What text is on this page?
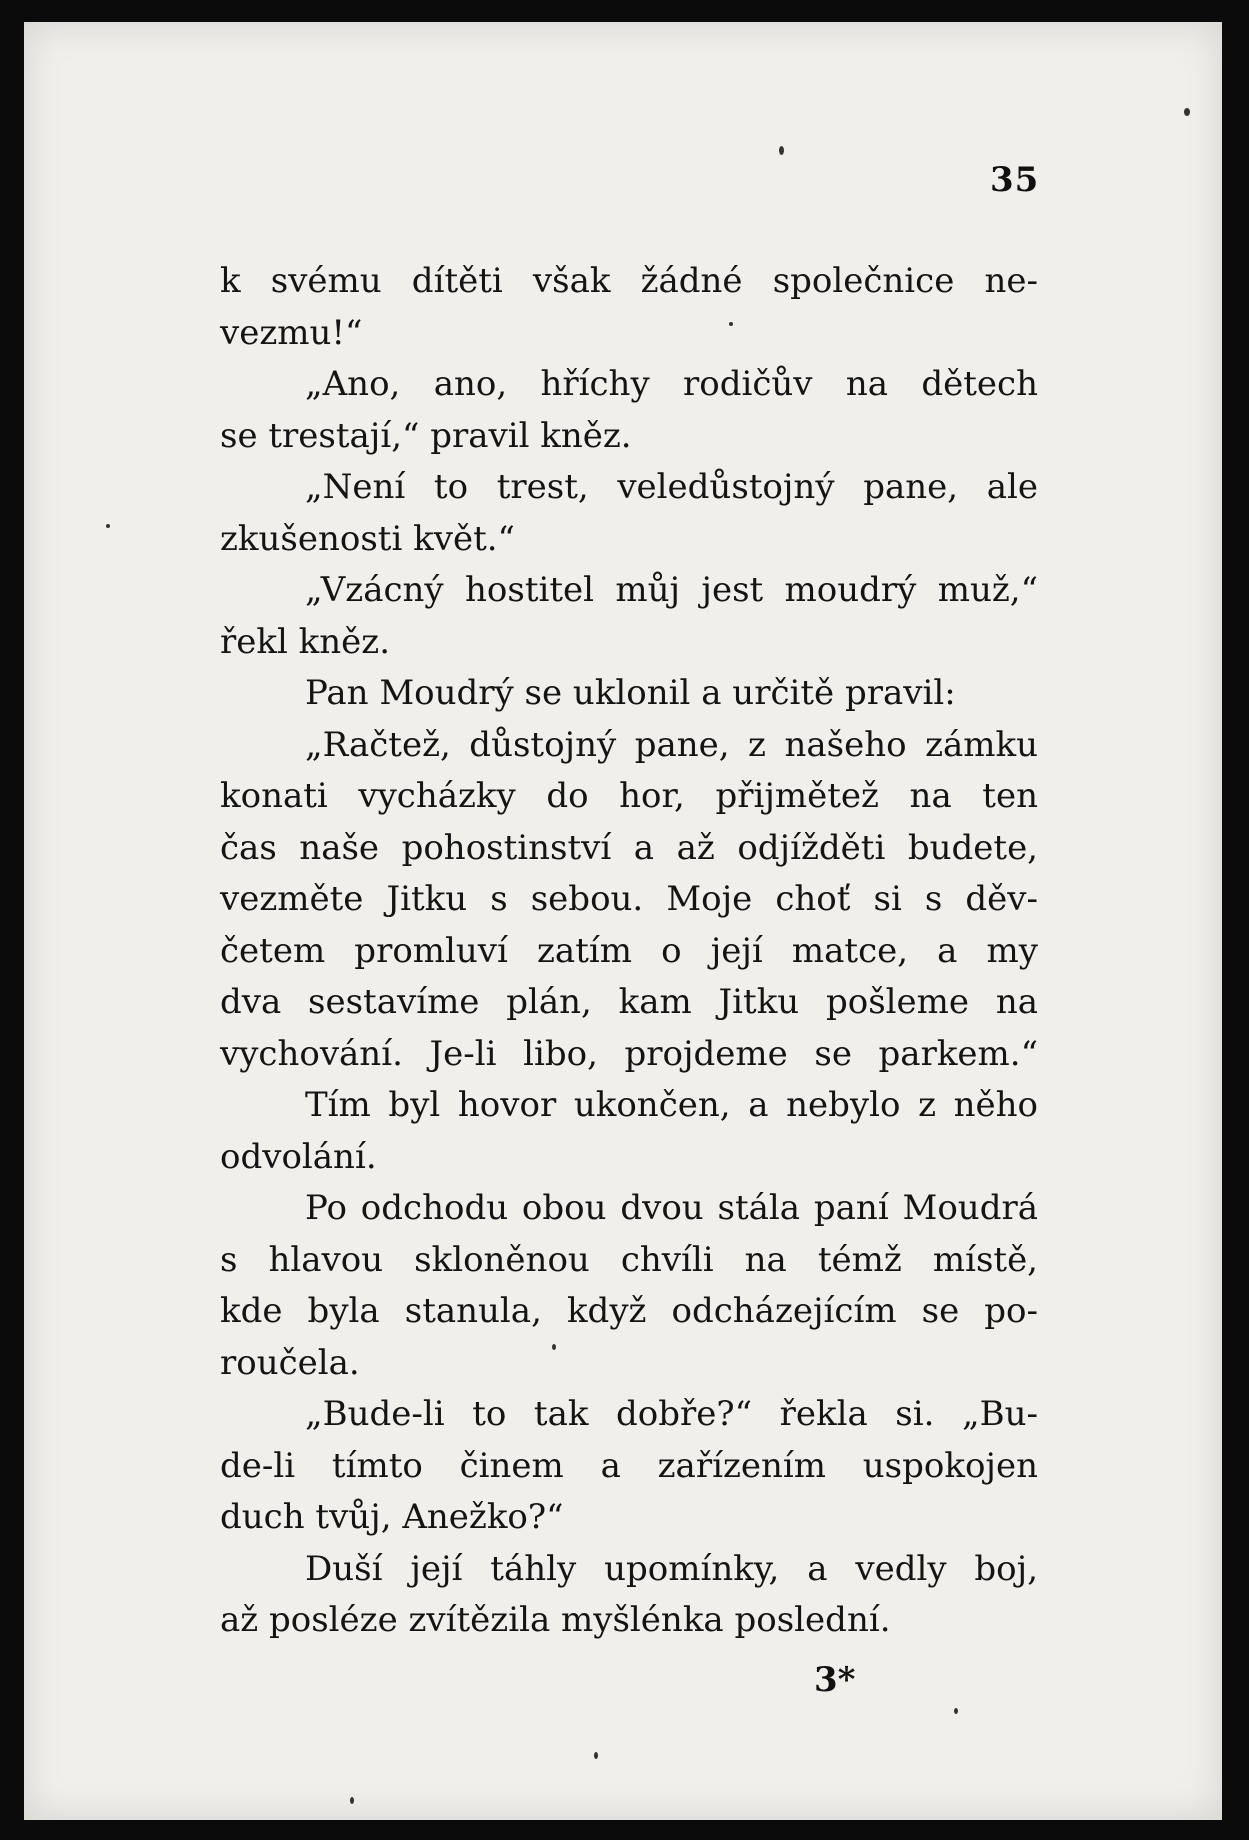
35

k svému dítěti však žádné společnice ne-
vezmu!“

„Ano, ano, hříchy rodičův na dětech
se trestají,“ pravil kněz.

„Není to trest, veledůstojný pane, ale
zkušenosti květ.“

„Vzácný hostitel můj jest moudrý muž,“
řekl kněz.

Pan Moudrý se uklonil a určitě pravil:

„Račtež, důstojný pane, z našeho zámku
konati vycházky do hor, přijmětež na ten
čas naše pohostinství a až odjížděti budete,
vezměte Jitku s sebou. Moje choť si s děv-
četem promluví zatím o její matce, a my
dva sestavíme plán, kam Jitku pošleme na
vychování. Je-li libo, projdeme se parkem.“

Tím byl hovor ukončen, a nebylo z něho
odvolání.

Po odchodu obou dvou stála paní Moudrá
s hlavou skloněnou chvíli na témž místě,
kde byla stanula, když odcházejícím se po-
roučela.

„Bude-li to tak dobře?“ řekla si. „Bu-
de-li tímto činem a zařízením uspokojen
duch tvůj, Anežko?“

Duší její táhly upomínky, a vedly boj,
až posléze zvítězila myšlénka poslední.

3*
